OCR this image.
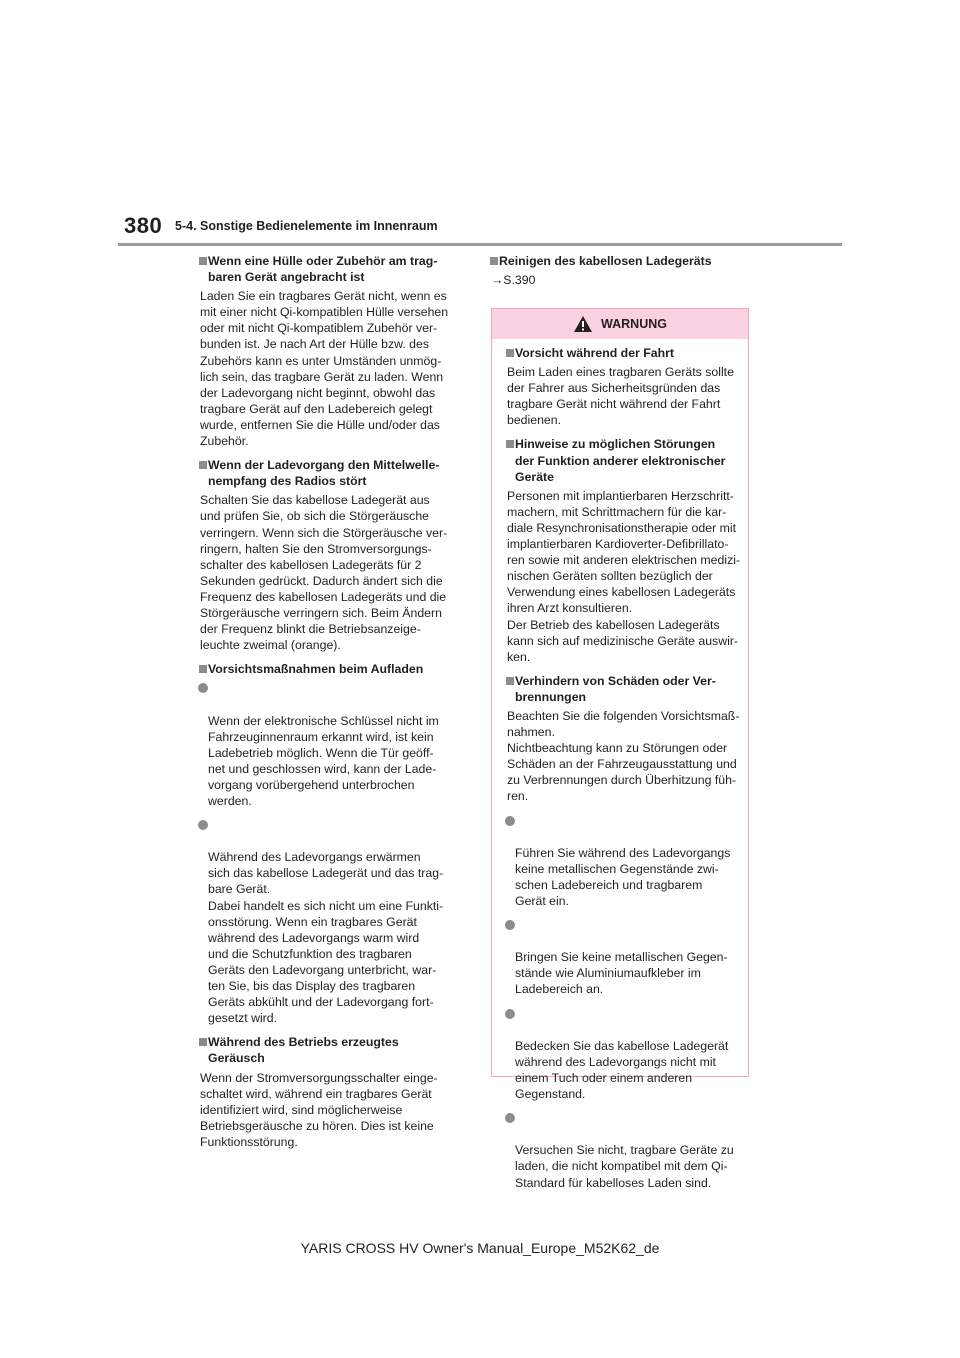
380 5-4. Sonstige Bedienelemente im Innenraum
Wenn eine Hülle oder Zubehör am trag-
baren Gerät angebracht ist
Laden Sie ein tragbares Gerät nicht, wenn es
mit einer nicht Qi-kompatiblen Hülle versehen
oder mit nicht Qi-kompatiblem Zubehör ver-
bunden ist. Je nach Art der Hülle bzw. des
Zubehörs kann es unter Umständen unmög-
lich sein, das tragbare Gerät zu laden. Wenn
der Ladevorgang nicht beginnt, obwohl das
tragbare Gerät auf den Ladebereich gelegt
wurde, entfernen Sie die Hülle und/oder das
Zubehör.
Wenn der Ladevorgang den Mittelwelle-
nempfang des Radios stört
Schalten Sie das kabellose Ladegerät aus
und prüfen Sie, ob sich die Störgeräusche
verringern. Wenn sich die Störgeräusche ver-
ringern, halten Sie den Stromversorgungs-
schalter des kabellosen Ladegeräts für 2
Sekunden gedrückt. Dadurch ändert sich die
Frequenz des kabellosen Ladegeräts und die
Störgeräusche verringern sich. Beim Ändern
der Frequenz blinkt die Betriebsanzeige-
leuchte zweimal (orange).
Vorsichtsmaßnahmen beim Aufladen

Wenn der elektronische Schlüssel nicht im
Fahrzeuginnenraum erkannt wird, ist kein
Ladebetrieb möglich. Wenn die Tür geöff-
net und geschlossen wird, kann der Lade-
vorgang vorübergehend unterbrochen
werden.

Während des Ladevorgangs erwärmen
sich das kabellose Ladegerät und das trag-
bare Gerät.
Dabei handelt es sich nicht um eine Funkti-
onsstörung. Wenn ein tragbares Gerät
während des Ladevorgangs warm wird
und die Schutzfunktion des tragbaren
Geräts den Ladevorgang unterbricht, war-
ten Sie, bis das Display des tragbaren
Geräts abkühlt und der Ladevorgang fort-
gesetzt wird.

Während des Betriebs erzeugtes
Geräusch
Wenn der Stromversorgungsschalter einge-
schaltet wird, während ein tragbares Gerät
identifiziert wird, sind möglicherweise
Betriebsgeräusche zu hören. Dies ist keine
Funktionsstörung.
Reinigen des kabellosen Ladegeräts
→S.390
WARNUNG
Vorsicht während der Fahrt
Beim Laden eines tragbaren Geräts sollte
der Fahrer aus Sicherheitsgründen das
tragbare Gerät nicht während der Fahrt
bedienen.
Hinweise zu möglichen Störungen
der Funktion anderer elektronischer
Geräte
Personen mit implantierbaren Herzschritt-
machern, mit Schrittmachern für die kar-
diale Resynchronisationstherapie oder mit
implantierbaren Kardioverter-Defibrillato-
ren sowie mit anderen elektrischen medizi-
nischen Geräten sollten bezüglich der
Verwendung eines kabellosen Ladegeräts
ihren Arzt konsultieren.
Der Betrieb des kabellosen Ladegeräts
kann sich auf medizinische Geräte auswir-
ken.
Verhindern von Schäden oder Ver-
brennungen
Beachten Sie die folgenden Vorsichtsmaß-
nahmen.
Nichtbeachtung kann zu Störungen oder
Schäden an der Fahrzeugausstattung und
zu Verbrennungen durch Überhitzung füh-
ren.

Führen Sie während des Ladevorgangs
keine metallischen Gegenstände zwi-
schen Ladebereich und tragbarem
Gerät ein.

Bringen Sie keine metallischen Gegen-
stände wie Aluminiumaufkleber im
Ladebereich an.

Bedecken Sie das kabellose Ladegerät
während des Ladevorgangs nicht mit
einem Tuch oder einem anderen
Gegenstand.

Versuchen Sie nicht, tragbare Geräte zu
laden, die nicht kompatibel mit dem Qi-
Standard für kabelloses Laden sind.

YARIS CROSS HV Owner's Manual_Europe_M52K62_de
